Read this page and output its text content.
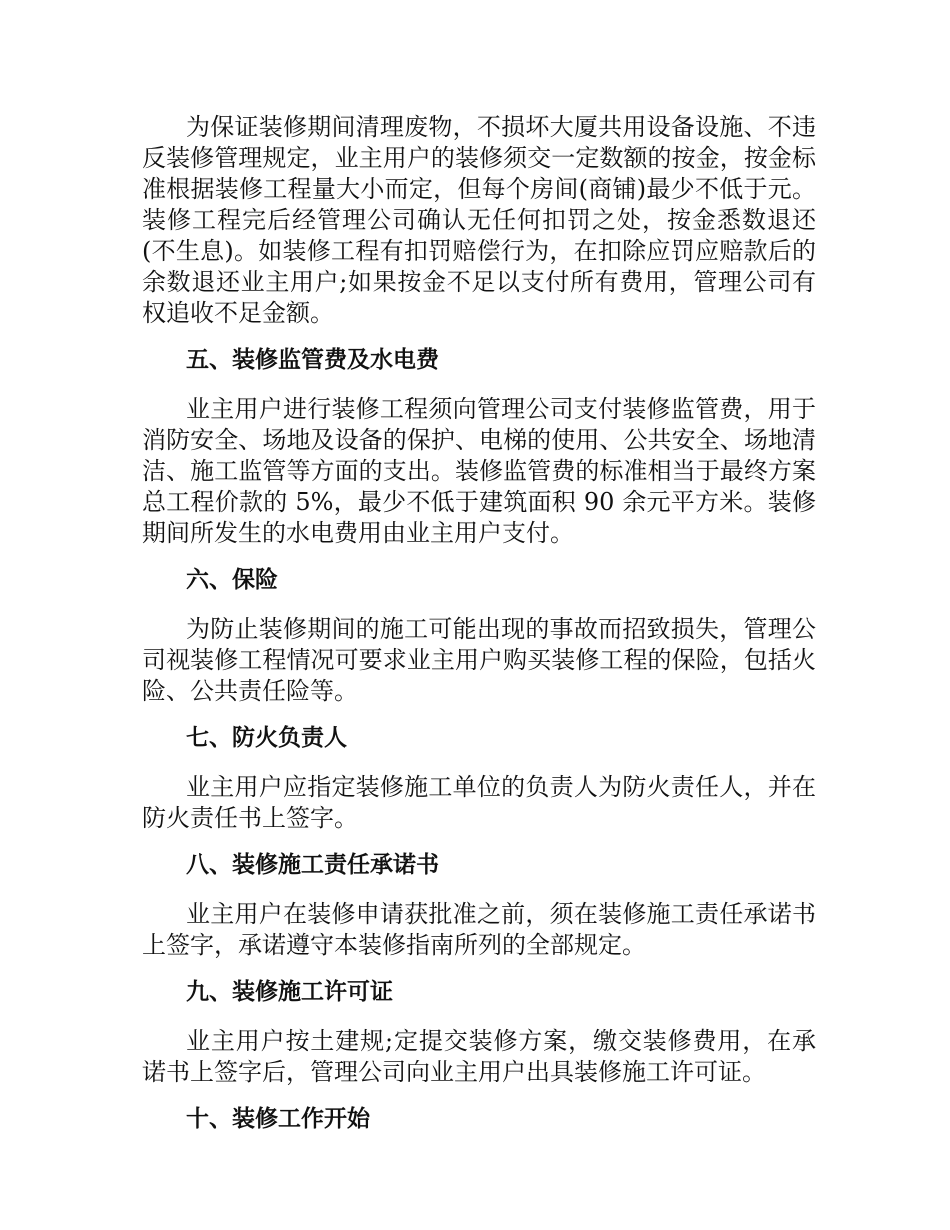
为保证装修期间清理废物，不损坏大厦共用设备设施、不违反装修管理规定，业主用户的装修须交一定数额的按金，按金标准根据装修工程量大小而定，但每个房间(商铺)最少不低于元。装修工程完后经管理公司确认无任何扣罚之处，按金悉数退还(不生息)。如装修工程有扣罚赔偿行为，在扣除应罚应赔款后的余数退还业主用户;如果按金不足以支付所有费用，管理公司有权追收不足金额。

五、装修监管费及水电费

业主用户进行装修工程须向管理公司支付装修监管费，用于消防安全、场地及设备的保护、电梯的使用、公共安全、场地清洁、施工监管等方面的支出。装修监管费的标准相当于最终方案总工程价款的 5%，最少不低于建筑面积 90 余元平方米。装修期间所发生的水电费用由业主用户支付。

六、保险

为防止装修期间的施工可能出现的事故而招致损失，管理公司视装修工程情况可要求业主用户购买装修工程的保险，包括火险、公共责任险等。

七、防火负责人

业主用户应指定装修施工单位的负责人为防火责任人，并在防火责任书上签字。

八、装修施工责任承诺书

业主用户在装修申请获批准之前，须在装修施工责任承诺书上签字，承诺遵守本装修指南所列的全部规定。

九、装修施工许可证

业主用户按土建规;定提交装修方案，缴交装修费用，在承诺书上签字后，管理公司向业主用户出具装修施工许可证。

十、装修工作开始
